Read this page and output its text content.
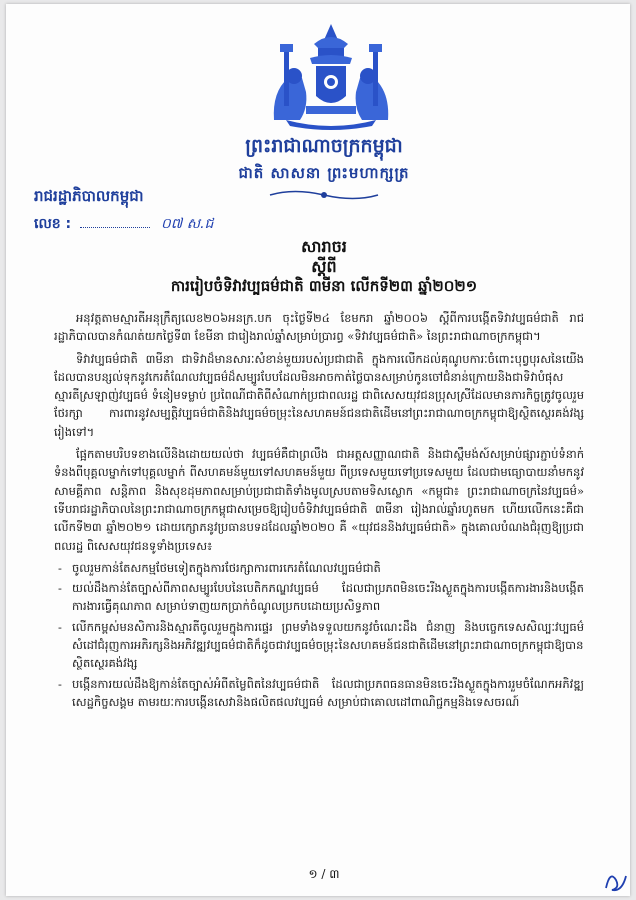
ព្រះរាជាណាចក្រកម្ពុជា
ជាតិ សាសនា ព្រះមហាក្សត្រ
រាជរដ្ឋាភិបាលកម្ពុជា
លេខ :	០៧ ស.ជ
សារាចរ
ស្តីពី
ការរៀបចំទិវាវប្បធម៌ជាតិ ៣មីនា លើកទី២៣ ឆ្នាំ២០២១

អនុវត្តតាមស្មារតីអនុក្រឹត្យលេខ២០៦អនក្រ.បក ចុះថ្ងៃទី២៤ ខែមករា ឆ្នាំ២០០៦ ស្តីពីការបង្កើតទិវាវប្បធម៌ជាតិ រាជរដ្ឋាភិបាលបានកំណត់យកថ្ងៃទី៣ ខែមីនា ជារៀងរាល់ឆ្នាំសម្រាប់ប្រារព្ធ «ទិវាវប្បធម៌ជាតិ» នៃព្រះរាជាណាចក្រកម្ពុជា។

ទិវាវប្បធម៌ជាតិ ៣មីនា ជាទិវាដ៏មានសារៈសំខាន់មួយរបស់ប្រជាជាតិ ក្នុងការលើកដល់គុណូបការៈចំពោះបុព្វបុរសនៃយើងដែលបានបន្សល់ទុកនូវកេរតំណែលវប្បធម៌ដ៏សម្បូរបែបដែលមិនអាចកាត់ថ្លៃបានសម្រាប់កូនចៅជំនាន់ក្រោយនិងជាទិវាបំផុសស្មារតីស្រឡាញ់វប្បធម៌ ទំនៀមទម្លាប់ ប្រពៃណីជាតិពីសំណាក់ប្រជាពលរដ្ឋ ជាពិសេសយុវជនប្រុសស្រីដែលមានភារកិច្ចត្រូវចូលរួមថែរក្សា ការពារនូវសម្បត្តិវប្បធម៌ជាតិនិងវប្បធម៌ចម្រុះនៃសហគមន៍ជនជាតិដើមនៅព្រះរាជាណាចក្រកម្ពុជាឱ្យស្ថិតស្ថេរគង់វង្សរៀងទៅ។

ផ្អែកតាមបរិបទខាងលើនិងដោយយល់ថា វប្បធម៌គឺជាព្រលឹង ជាអត្តសញ្ញាណជាតិ និងជាស្ពឹមង់ស៍សម្រាប់ផ្សារភ្ជាប់ទំនាក់ទំនងពីបុគ្គលម្នាក់ទៅបុគ្គលម្នាក់ ពីសហគមន៍មួយទៅសហគមន៍មួយ ពីប្រទេសមួយទៅប្រទេសមួយ ដែលជាមធ្យោបាយនាំមកនូវសាមគ្គីភាព សន្តិភាព និងសុខដុមភាពសម្រាប់ប្រជាជាតិទាំងមូលស្របតាមទិសស្លោក «កម្ពុជា៖ ព្រះរាជាណាចក្រនៃវប្បធម៌» ទើបរាជរដ្ឋាភិបាលនៃព្រះរាជាណាចក្រកម្ពុជាសម្រេចឱ្យរៀបចំទិវាវប្បធម៌ជាតិ ៣មីនា រៀងរាល់ឆ្នាំរហូតមក ហើយលើកនេះគឺជាលើកទី២៣ ឆ្នាំ២០២១ ដោយក្សោភនូវប្រធានបទដដែលឆ្នាំ២០២០ គឺ «យុវជននិងវប្បធម៌ជាតិ» ក្នុងគោលបំណងជំរុញឱ្យប្រជាពលរដ្ឋ ពិសេសយុវជនទូទាំងប្រទេស៖

- ចូលរួមកាន់តែសកម្មថែមទៀតក្នុងការថែរក្សាការពារកេរតំណែលវប្បធម៌ជាតិ
- យល់ដឹងកាន់តែច្បាស់ពីភាពសម្បូរបែបនៃបេតិកភណ្ឌវប្បធម៌ ដែលជាប្រភពមិនចេះរីងស្ងួតក្នុងការបង្កើតការងារនិងបង្កើតការងារធ្វើគុណភាព សម្រាប់ទាញយកប្រាក់ចំណូលប្រកបដោយប្រសិទ្ធភាព
- លើកកម្ពស់មនសិការនិងស្មារតីចូលរួមក្នុងការផ្ទេរ ព្រមទាំងទទួលយកនូវចំណេះដឹង ជំនាញ និងបច្ចេកទេសសិល្បៈវប្បធម៌ សំដៅជំរុញការអភិរក្សនិងអភិវឌ្ឍវប្បធម៌ជាតិក៏ដូចជាវប្បធម៌ចម្រុះនៃសហគមន៍ជនជាតិដើមនៅព្រះរាជាណាចក្រកម្ពុជាឱ្យបានស្ថិតស្ថេរគង់វង្ស
- បង្កើនការយល់ដឹងឱ្យកាន់តែច្បាស់អំពីតម្លៃពិតនៃវប្បធម៌ជាតិ ដែលជាប្រភពធនធានមិនចេះរីងស្ងួតក្នុងការរួមចំណែកអភិវឌ្ឍសេដ្ឋកិច្ចសង្គម តាមរយៈការបង្កើនសេវានិងផលិតផលវប្បធម៌ សម្រាប់ជាគោលដៅពាណិជ្ជកម្មនិងទេសចរណ៍
១ / ៣
